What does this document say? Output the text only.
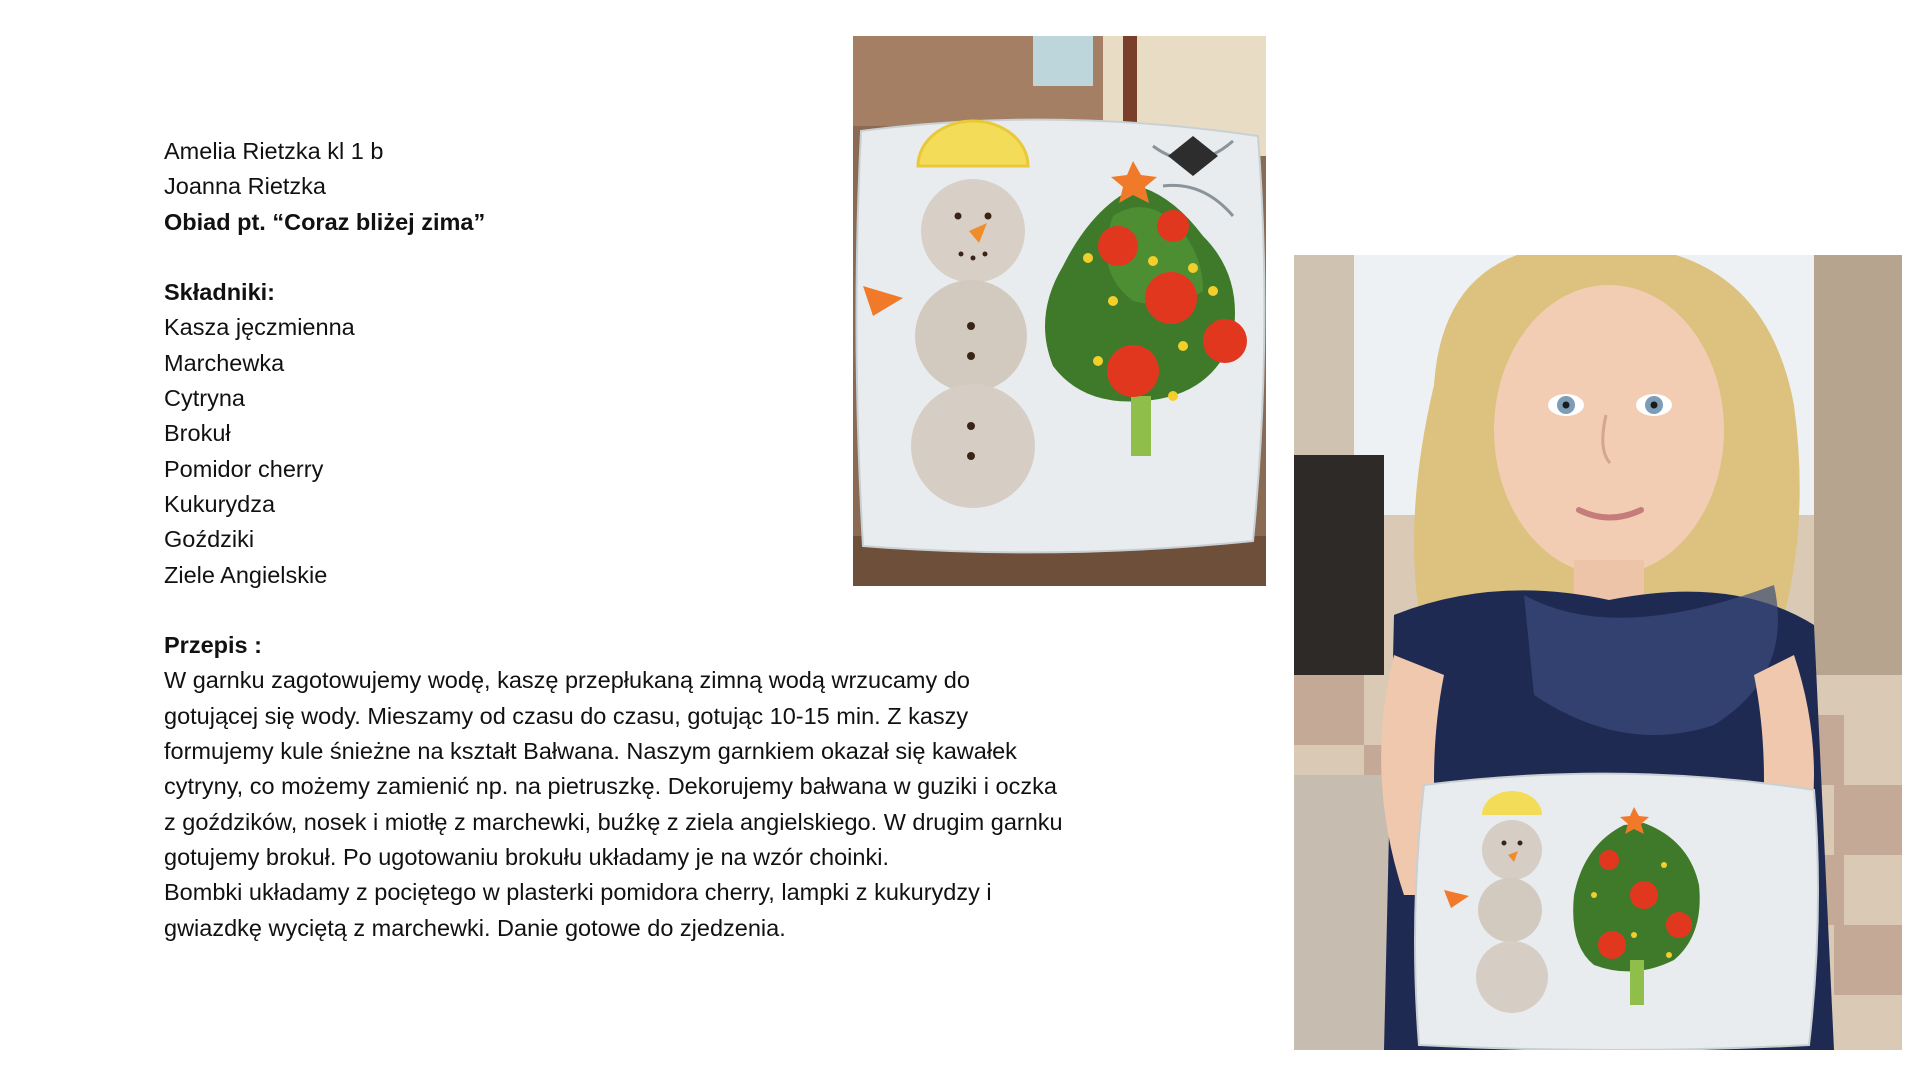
Amelia Rietzka kl 1 b
Joanna Rietzka
Obiad pt. “Coraz bliżej zima”
Składniki:
Kasza jęczmienna
Marchewka
Cytryna
Brokuł
Pomidor cherry
Kukurydza
Goździki
Ziele Angielskie
Przepis :
W garnku zagotowujemy wodę, kaszę przepłukaną zimną wodą wrzucamy do
gotującej się wody. Mieszamy od czasu do czasu, gotując 10-15 min. Z kaszy
formujemy kule śnieżne na kształt Bałwana. Naszym garnkiem okazał się kawałek
cytryny, co możemy zamienić np. na pietruszkę. Dekorujemy bałwana w guziki i oczka
z goździków, nosek i miotłę z marchewki, buźkę z ziela angielskiego. W drugim garnku
gotujemy brokuł. Po ugotowaniu brokułu układamy je na wzór choinki.
Bombki układamy z pociętego w plasterki pomidora cherry, lampki z kukurydzy i
gwiazdkę wyciętą z marchewki. Danie gotowe do zjedzenia.
